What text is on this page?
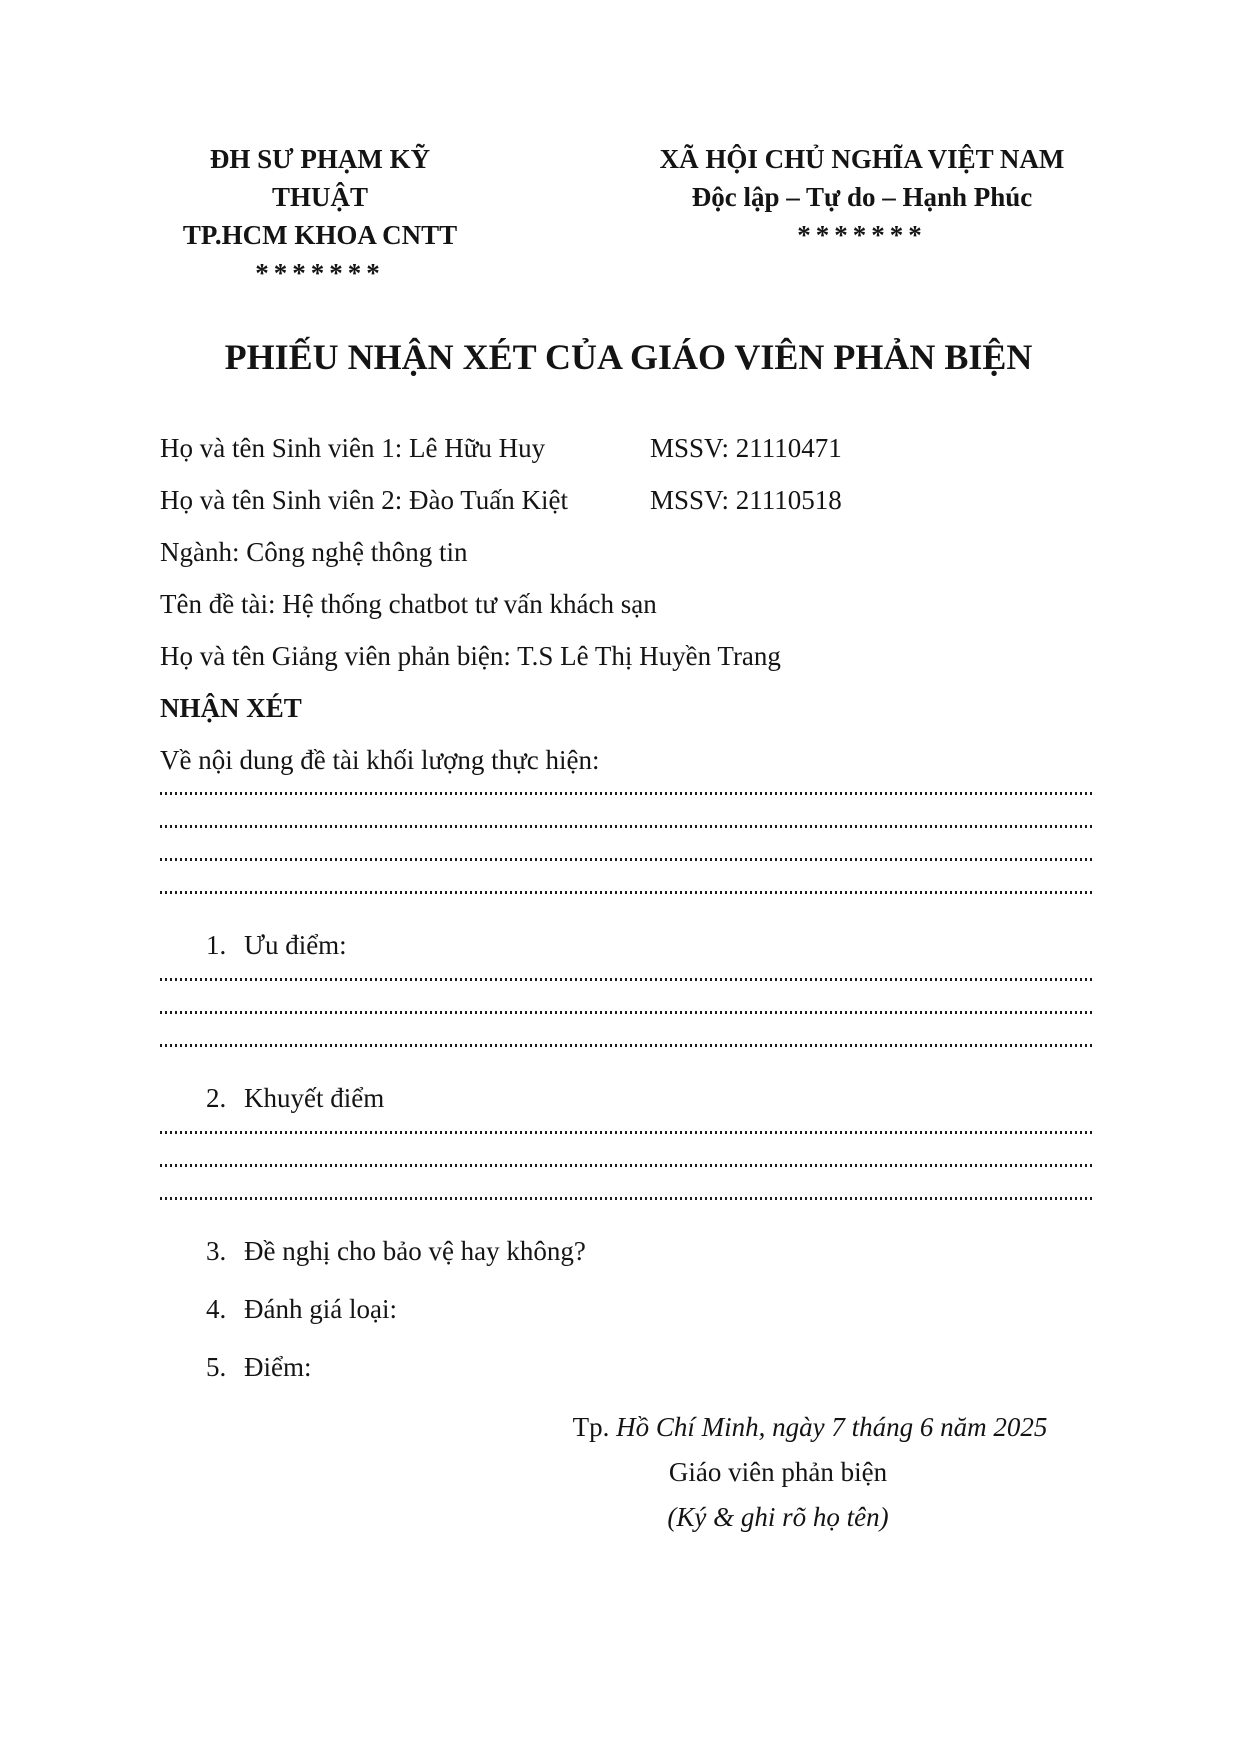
ĐH SƯ PHẠM KỸ THUẬT
TP.HCM KHOA CNTT
*******
XÃ HỘI CHỦ NGHĨA VIỆT NAM
Độc lập – Tự do – Hạnh Phúc
*******
PHIẾU NHẬN XÉT CỦA GIÁO VIÊN PHẢN BIỆN
Họ và tên Sinh viên 1: Lê Hữu Huy	MSSV: 21110471
Họ và tên Sinh viên 2: Đào Tuấn Kiệt	MSSV: 21110518
Ngành: Công nghệ thông tin
Tên đề tài: Hệ thống chatbot tư vấn khách sạn
Họ và tên Giảng viên phản biện: T.S Lê Thị Huyền Trang
NHẬN XÉT
Về nội dung đề tài khối lượng thực hiện:
1. Ưu điểm:
2. Khuyết điểm
3. Đề nghị cho bảo vệ hay không?
4. Đánh giá loại:
5. Điểm:
Tp. Hồ Chí Minh, ngày 7 tháng 6 năm 2025
Giáo viên phản biện
(Ký & ghi rõ họ tên)
